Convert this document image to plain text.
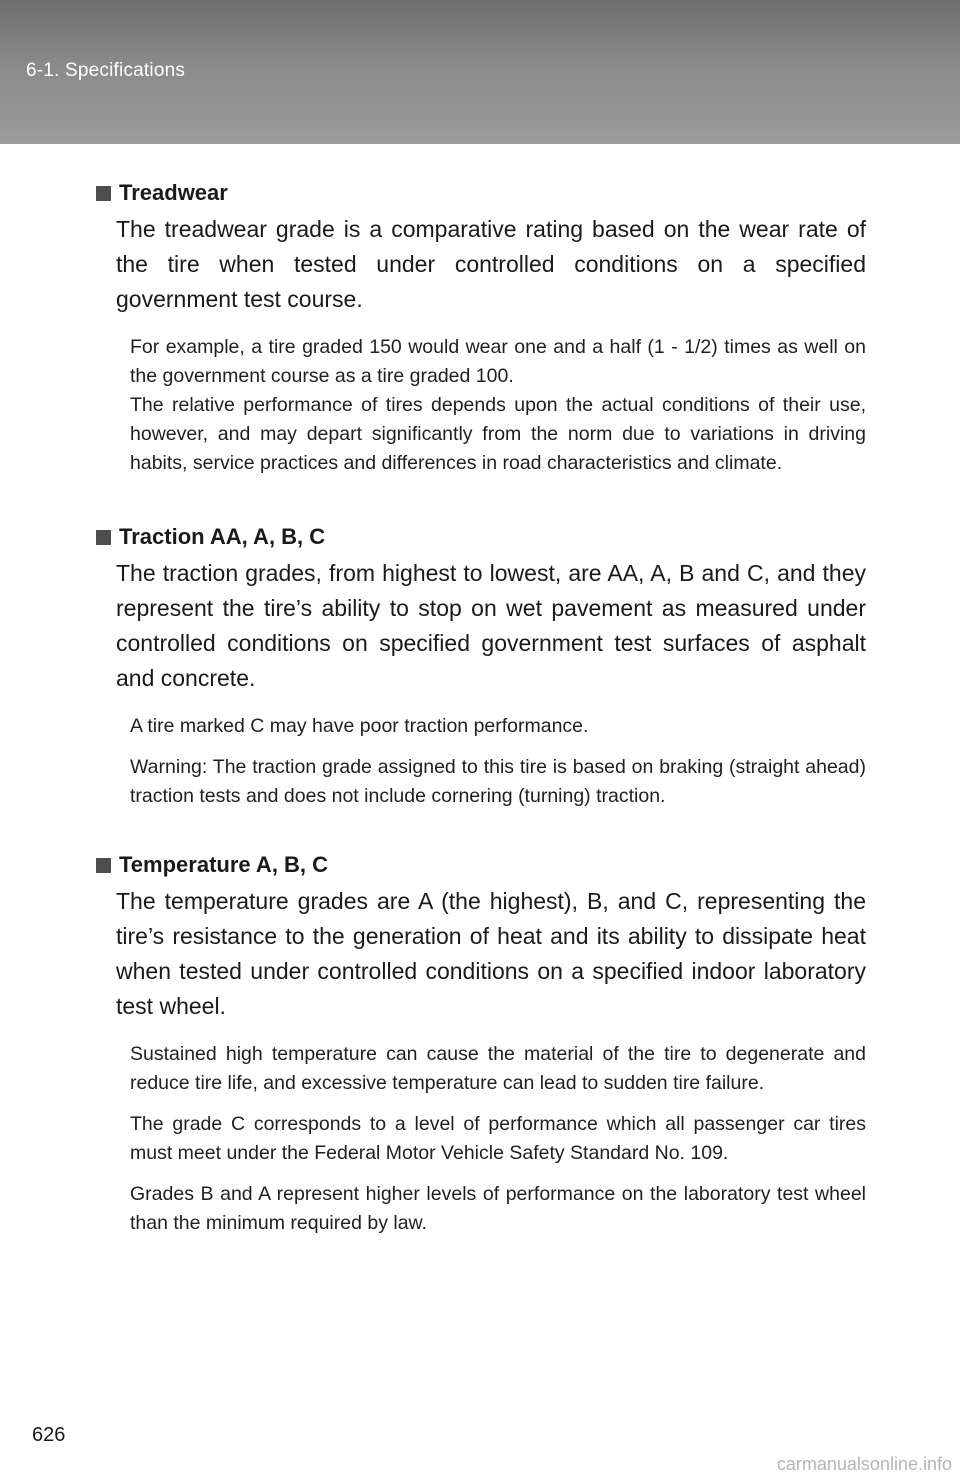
6-1. Specifications
Treadwear
The treadwear grade is a comparative rating based on the wear rate of the tire when tested under controlled conditions on a specified government test course.
For example, a tire graded 150 would wear one and a half (1 - 1/2) times as well on the government course as a tire graded 100.
The relative performance of tires depends upon the actual conditions of their use, however, and may depart significantly from the norm due to variations in driving habits, service practices and differences in road characteristics and climate.
Traction AA, A, B, C
The traction grades, from highest to lowest, are AA, A, B and C, and they represent the tire’s ability to stop on wet pavement as measured under controlled conditions on specified government test surfaces of asphalt and concrete.
A tire marked C may have poor traction performance.
Warning: The traction grade assigned to this tire is based on braking (straight ahead) traction tests and does not include cornering (turning) traction.
Temperature A, B, C
The temperature grades are A (the highest), B, and C, representing the tire’s resistance to the generation of heat and its ability to dissipate heat when tested under controlled conditions on a specified indoor laboratory test wheel.
Sustained high temperature can cause the material of the tire to degenerate and reduce tire life, and excessive temperature can lead to sudden tire failure.
The grade C corresponds to a level of performance which all passenger car tires must meet under the Federal Motor Vehicle Safety Standard No. 109.
Grades B and A represent higher levels of performance on the laboratory test wheel than the minimum required by law.
626
carmanualsonline.info
